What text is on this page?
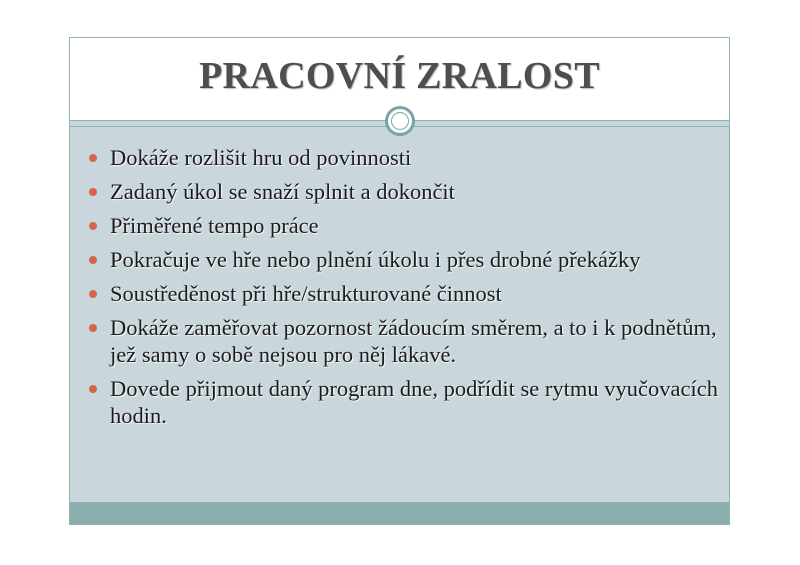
PRACOVNÍ ZRALOST
Dokáže rozlišit hru od povinnosti
Zadaný úkol se snaží splnit a dokončit
Přiměřené tempo práce
Pokračuje ve hře nebo plnění úkolu i přes drobné překážky
Soustředěnost při hře/strukturované činnost
Dokáže zaměřovat pozornost žádoucím směrem, a to i k podnětům, jež samy o sobě nejsou pro něj lákavé.
Dovede přijmout daný program dne, podřídit se rytmu vyučovacích hodin.
